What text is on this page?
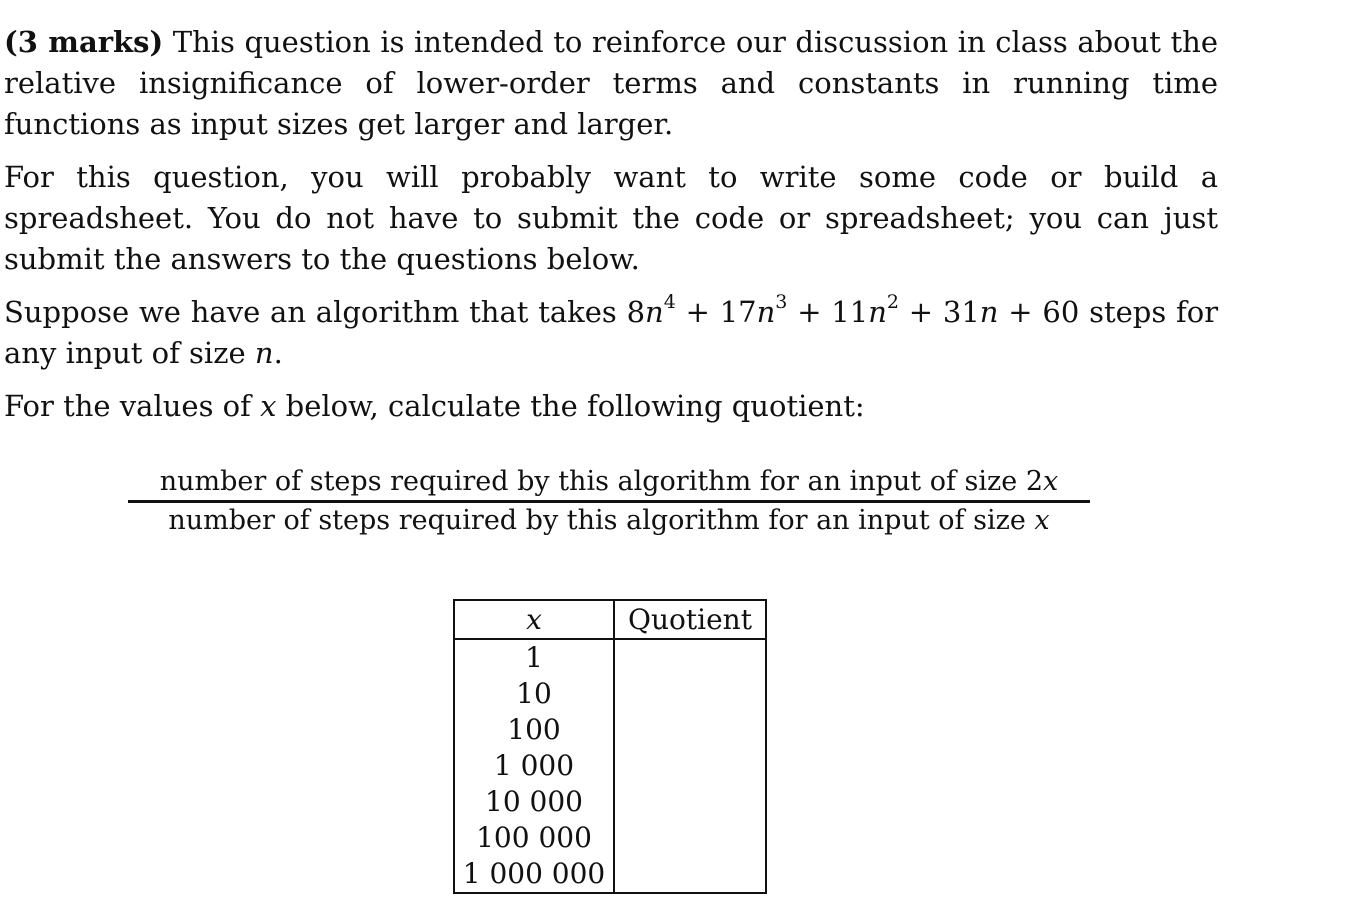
(3 marks) This question is intended to reinforce our discussion in class about the relative insignificance of lower-order terms and constants in running time functions as input sizes get larger and larger.

For this question, you will probably want to write some code or build a spreadsheet. You do not have to submit the code or spreadsheet; you can just submit the answers to the questions below.

Suppose we have an algorithm that takes $8n^4 + 17n^3 + 11n^2 + 31n + 60$ steps for any input of size n.

For the values of x below, calculate the following quotient:

number of steps required by this algorithm for an input of size 2x
number of steps required by this algorithm for an input of size x
x	Quotient
1	
10	
100	
1 000	
10 000	
100 000	
1 000 000	
